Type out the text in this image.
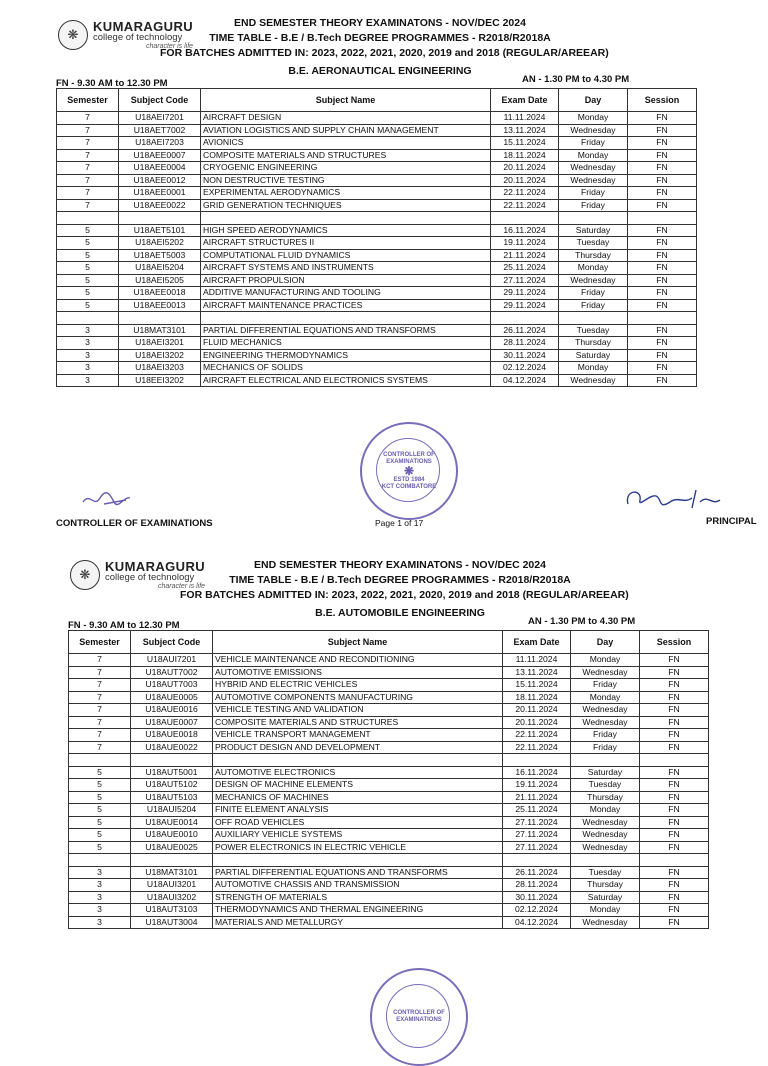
❋
KUMARAGURU
college of technology
character is life
END SEMESTER THEORY EXAMINATONS - NOV/DEC 2024
TIME TABLE - B.E / B.Tech DEGREE PROGRAMMES - R2018/R2018A
FOR BATCHES ADMITTED IN: 2023, 2022, 2021, 2020, 2019 and 2018 (REGULAR/AREEAR)
B.E. AERONAUTICAL ENGINEERING
FN - 9.30 AM to 12.30 PM	AN - 1.30 PM to 4.30 PM
Semester	Subject Code	Subject Name	Exam Date	Day	Session
7	U18AEI7201	AIRCRAFT DESIGN	11.11.2024	Monday	FN
7	U18AET7002	AVIATION LOGISTICS AND SUPPLY CHAIN MANAGEMENT	13.11.2024	Wednesday	FN
7	U18AEI7203	AVIONICS	15.11.2024	Friday	FN
7	U18AEE0007	COMPOSITE MATERIALS AND STRUCTURES	18.11.2024	Monday	FN
7	U18AEE0004	CRYOGENIC ENGINEERING	20.11.2024	Wednesday	FN
7	U18AEE0012	NON DESTRUCTIVE TESTING	20.11.2024	Wednesday	FN
7	U18AEE0001	EXPERIMENTAL AERODYNAMICS	22.11.2024	Friday	FN
7	U18AEE0022	GRID GENERATION TECHNIQUES	22.11.2024	Friday	FN

5	U18AET5101	HIGH SPEED AERODYNAMICS	16.11.2024	Saturday	FN
5	U18AEI5202	AIRCRAFT STRUCTURES II	19.11.2024	Tuesday	FN
5	U18AET5003	COMPUTATIONAL FLUID DYNAMICS	21.11.2024	Thursday	FN
5	U18AEI5204	AIRCRAFT SYSTEMS AND INSTRUMENTS	25.11.2024	Monday	FN
5	U18AEI5205	AIRCRAFT PROPULSION	27.11.2024	Wednesday	FN
5	U18AEE0018	ADDITIVE MANUFACTURING AND TOOLING	29.11.2024	Friday	FN
5	U18AEE0013	AIRCRAFT MAINTENANCE PRACTICES	29.11.2024	Friday	FN

3	U18MAT3101	PARTIAL DIFFERENTIAL EQUATIONS AND TRANSFORMS	26.11.2024	Tuesday	FN
3	U18AEI3201	FLUID MECHANICS	28.11.2024	Thursday	FN
3	U18AEI3202	ENGINEERING THERMODYNAMICS	30.11.2024	Saturday	FN
3	U18AEI3203	MECHANICS OF SOLIDS	02.12.2024	Monday	FN
3	U18EEI3202	AIRCRAFT ELECTRICAL AND ELECTRONICS SYSTEMS	04.12.2024	Wednesday	FN
CONTROLLER OF EXAMINATIONS
❋
ESTD 1984
KCT COIMBATORE
CONTROLLER OF EXAMINATIONS	Page 1 of 17	PRINCIPAL
❋
KUMARAGURU
college of technology
character is life
END SEMESTER THEORY EXAMINATONS - NOV/DEC 2024
TIME TABLE - B.E / B.Tech DEGREE PROGRAMMES - R2018/R2018A
FOR BATCHES ADMITTED IN: 2023, 2022, 2021, 2020, 2019 and 2018 (REGULAR/AREEAR)
B.E. AUTOMOBILE ENGINEERING
FN - 9.30 AM to 12.30 PM	AN - 1.30 PM to 4.30 PM
Semester	Subject Code	Subject Name	Exam Date	Day	Session
7	U18AUI7201	VEHICLE MAINTENANCE AND RECONDITIONING	11.11.2024	Monday	FN
7	U18AUT7002	AUTOMOTIVE EMISSIONS	13.11.2024	Wednesday	FN
7	U18AUT7003	HYBRID AND ELECTRIC VEHICLES	15.11.2024	Friday	FN
7	U18AUE0005	AUTOMOTIVE COMPONENTS MANUFACTURING	18.11.2024	Monday	FN
7	U18AUE0016	VEHICLE TESTING AND VALIDATION	20.11.2024	Wednesday	FN
7	U18AUE0007	COMPOSITE MATERIALS AND STRUCTURES	20.11.2024	Wednesday	FN
7	U18AUE0018	VEHICLE TRANSPORT MANAGEMENT	22.11.2024	Friday	FN
7	U18AUE0022	PRODUCT DESIGN AND DEVELOPMENT	22.11.2024	Friday	FN

5	U18AUT5001	AUTOMOTIVE ELECTRONICS	16.11.2024	Saturday	FN
5	U18AUT5102	DESIGN OF MACHINE ELEMENTS	19.11.2024	Tuesday	FN
5	U18AUT5103	MECHANICS OF MACHINES	21.11.2024	Thursday	FN
5	U18AUI5204	FINITE ELEMENT ANALYSIS	25.11.2024	Monday	FN
5	U18AUE0014	OFF ROAD VEHICLES	27.11.2024	Wednesday	FN
5	U18AUE0010	AUXILIARY VEHICLE SYSTEMS	27.11.2024	Wednesday	FN
5	U18AUE0025	POWER ELECTRONICS IN ELECTRIC VEHICLE	27.11.2024	Wednesday	FN

3	U18MAT3101	PARTIAL DIFFERENTIAL EQUATIONS AND TRANSFORMS	26.11.2024	Tuesday	FN
3	U18AUI3201	AUTOMOTIVE CHASSIS AND TRANSMISSION	28.11.2024	Thursday	FN
3	U18AUI3202	STRENGTH OF MATERIALS	30.11.2024	Saturday	FN
3	U18AUT3103	THERMODYNAMICS AND THERMAL ENGINEERING	02.12.2024	Monday	FN
3	U18AUT3004	MATERIALS AND METALLURGY	04.12.2024	Wednesday	FN
CONTROLLER OF EXAMINATIONS
